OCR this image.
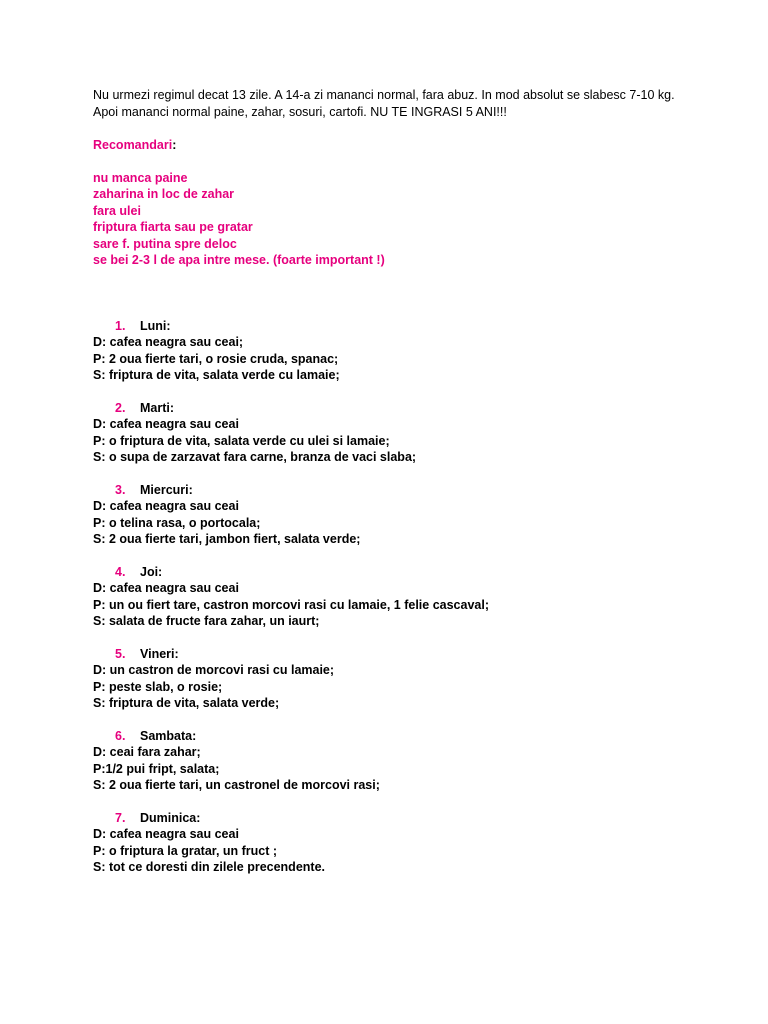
Nu urmezi regimul decat 13 zile. A 14-a zi mananci normal, fara abuz. In mod absolut se slabesc 7-10 kg. Apoi mananci normal paine, zahar, sosuri, cartofi. NU TE INGRASI 5 ANI!!!
Recomandari:
nu manca paine
zaharina in loc de zahar
fara ulei
friptura fiarta sau pe gratar
sare f. putina spre deloc
se bei 2-3 l de apa intre mese. (foarte important !)
1. Luni:
D: cafea neagra sau ceai;
P: 2 oua fierte tari, o rosie cruda, spanac;
S: friptura de vita, salata verde cu lamaie;
2. Marti:
D: cafea neagra sau ceai
P: o friptura de vita, salata verde cu ulei si lamaie;
S: o supa de zarzavat fara carne, branza de vaci slaba;
3. Miercuri:
D: cafea neagra sau ceai
P: o telina rasa, o portocala;
S: 2 oua fierte tari, jambon fiert, salata verde;
4. Joi:
D: cafea neagra sau ceai
P: un ou fiert tare, castron morcovi rasi cu lamaie, 1 felie cascaval;
S: salata de fructe fara zahar, un iaurt;
5. Vineri:
D: un castron de morcovi rasi cu lamaie;
P: peste slab, o rosie;
S: friptura de vita, salata verde;
6. Sambata:
D: ceai fara zahar;
P:1/2 pui fript, salata;
S: 2 oua fierte tari, un castronel de morcovi rasi;
7. Duminica:
D: cafea neagra sau ceai
P: o friptura la gratar, un fruct ;
S: tot ce doresti din zilele precendente.
